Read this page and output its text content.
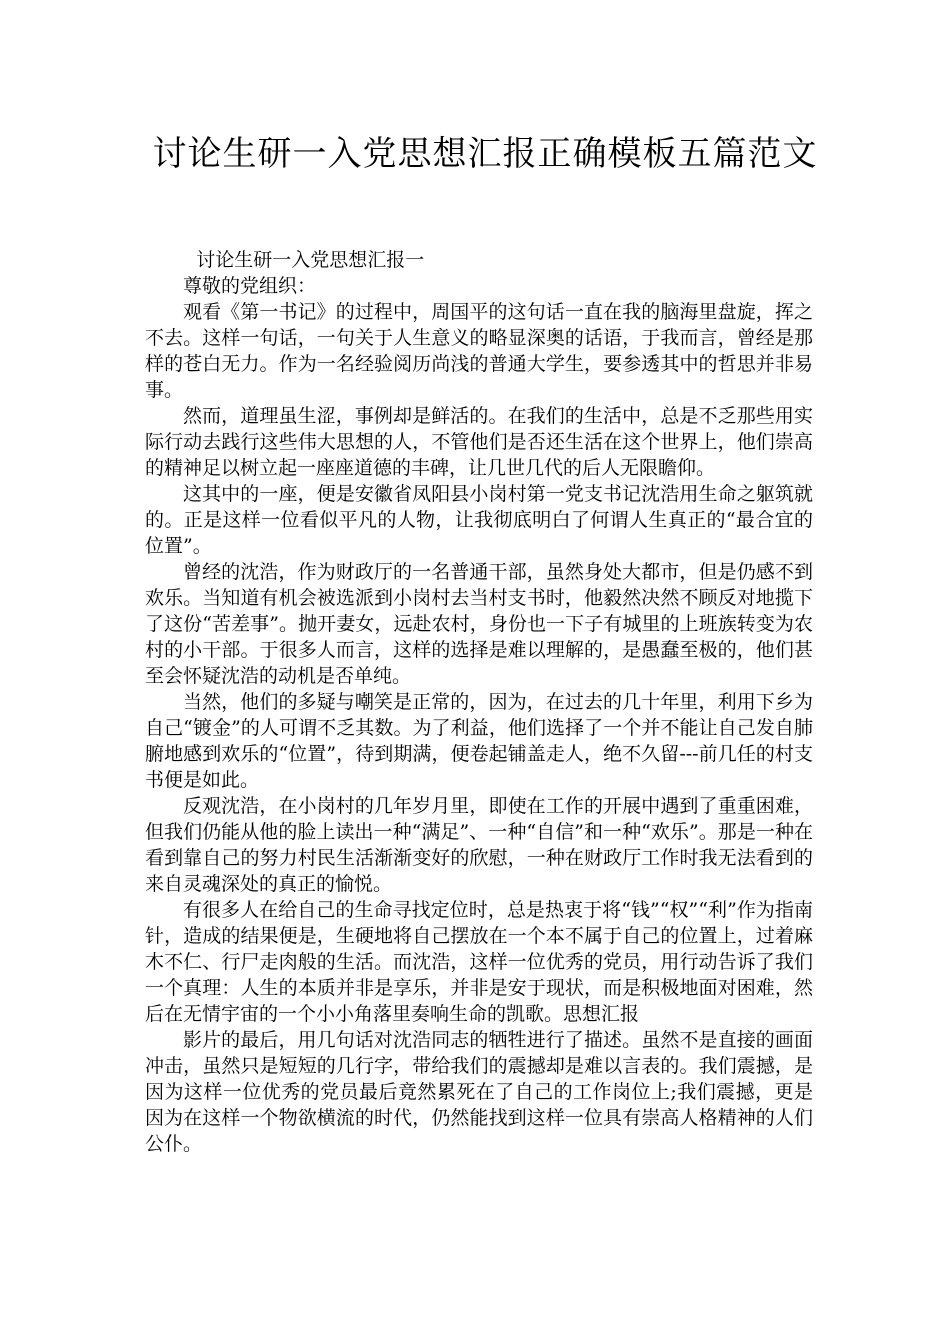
讨论生研一入党思想汇报正确模板五篇范文

讨论生研一入党思想汇报一

尊敬的党组织：

观看《第一书记》的过程中，周国平的这句话一直在我的脑海里盘旋，挥之不去。这样一句话，一句关于人生意义的略显深奥的话语，于我而言，曾经是那样的苍白无力。作为一名经验阅历尚浅的普通大学生，要参透其中的哲思并非易事。

然而，道理虽生涩，事例却是鲜活的。在我们的生活中，总是不乏那些用实际行动去践行这些伟大思想的人，不管他们是否还生活在这个世界上，他们崇高的精神足以树立起一座座道德的丰碑，让几世几代的后人无限瞻仰。

这其中的一座，便是安徽省凤阳县小岗村第一党支书记沈浩用生命之躯筑就的。正是这样一位看似平凡的人物，让我彻底明白了何谓人生真正的“最合宜的位置”。

曾经的沈浩，作为财政厅的一名普通干部，虽然身处大都市，但是仍感不到欢乐。当知道有机会被选派到小岗村去当村支书时，他毅然决然不顾反对地揽下了这份“苦差事”。抛开妻女，远赴农村，身份也一下子有城里的上班族转变为农村的小干部。于很多人而言，这样的选择是难以理解的，是愚蠢至极的，他们甚至会怀疑沈浩的动机是否单纯。

当然，他们的多疑与嘲笑是正常的，因为，在过去的几十年里，利用下乡为自己“镀金”的人可谓不乏其数。为了利益，他们选择了一个并不能让自己发自肺腑地感到欢乐的“位置”，待到期满，便卷起铺盖走人，绝不久留---前几任的村支书便是如此。

反观沈浩，在小岗村的几年岁月里，即使在工作的开展中遇到了重重困难，但我们仍能从他的脸上读出一种“满足”、一种“自信”和一种“欢乐”。那是一种在看到靠自己的努力村民生活渐渐变好的欣慰，一种在财政厅工作时我无法看到的来自灵魂深处的真正的愉悦。

有很多人在给自己的生命寻找定位时，总是热衷于将“钱”“权”“利”作为指南针，造成的结果便是，生硬地将自己摆放在一个本不属于自己的位置上，过着麻木不仁、行尸走肉般的生活。而沈浩，这样一位优秀的党员，用行动告诉了我们一个真理：人生的本质并非是享乐，并非是安于现状，而是积极地面对困难，然后在无情宇宙的一个小小角落里奏响生命的凯歌。思想汇报

影片的最后，用几句话对沈浩同志的牺牲进行了描述。虽然不是直接的画面冲击，虽然只是短短的几行字，带给我们的震撼却是难以言表的。我们震撼，是因为这样一位优秀的党员最后竟然累死在了自己的工作岗位上;我们震撼，更是因为在这样一个物欲横流的时代，仍然能找到这样一位具有崇高人格精神的人们公仆。
